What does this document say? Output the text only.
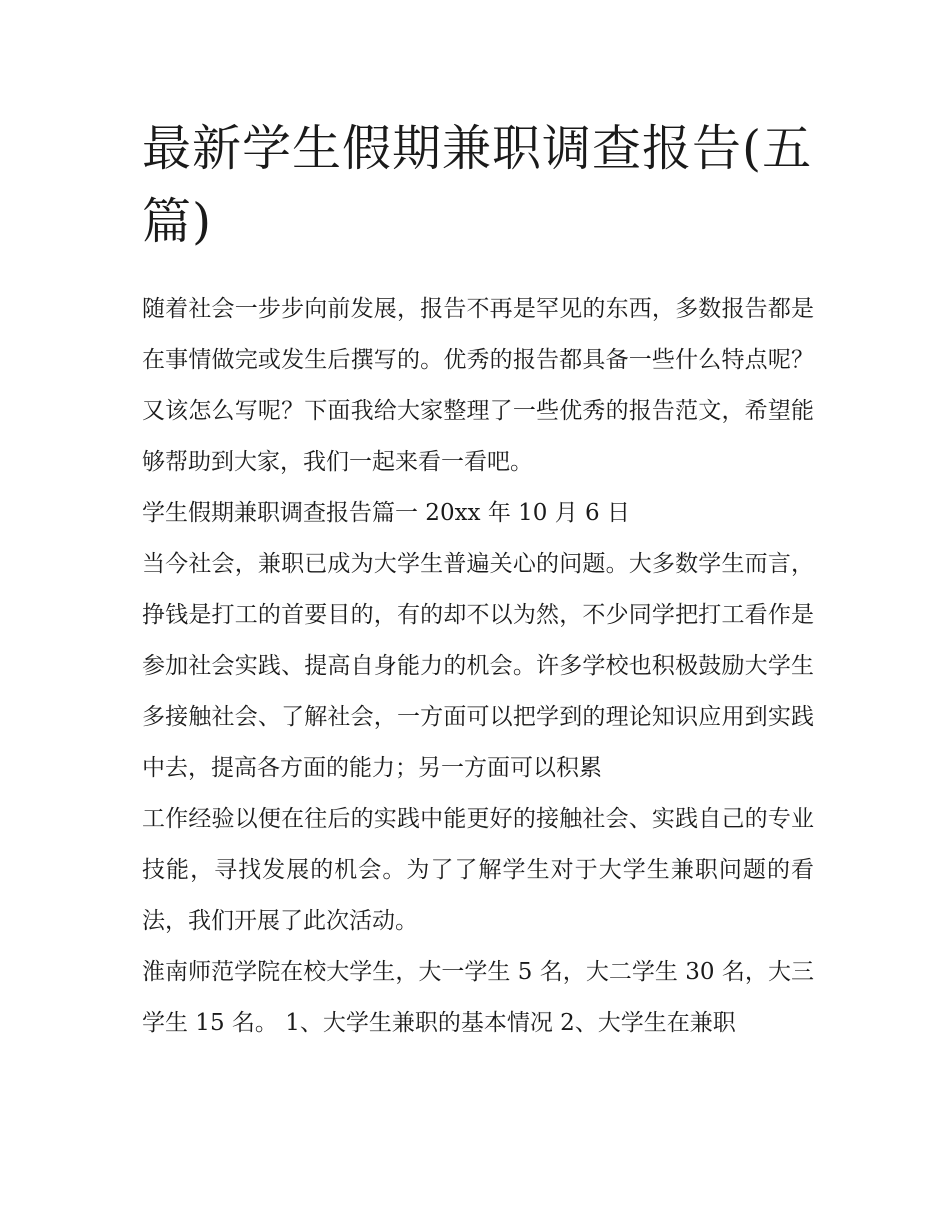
最新学生假期兼职调查报告(五篇)

随着社会一步步向前发展，报告不再是罕见的东西，多数报告都是在事情做完或发生后撰写的。优秀的报告都具备一些什么特点呢？又该怎么写呢？下面我给大家整理了一些优秀的报告范文，希望能够帮助到大家，我们一起来看一看吧。

学生假期兼职调查报告篇一 20xx 年 10 月 6 日

当今社会，兼职已成为大学生普遍关心的问题。大多数学生而言，挣钱是打工的首要目的，有的却不以为然，不少同学把打工看作是参加社会实践、提高自身能力的机会。许多学校也积极鼓励大学生多接触社会、了解社会，一方面可以把学到的理论知识应用到实践中去，提高各方面的能力；另一方面可以积累

工作经验以便在往后的实践中能更好的接触社会、实践自己的专业技能，寻找发展的机会。为了了解学生对于大学生兼职问题的看法，我们开展了此次活动。

淮南师范学院在校大学生，大一学生 5 名，大二学生 30 名，大三学生 15 名。 1、大学生兼职的基本情况 2、大学生在兼职
